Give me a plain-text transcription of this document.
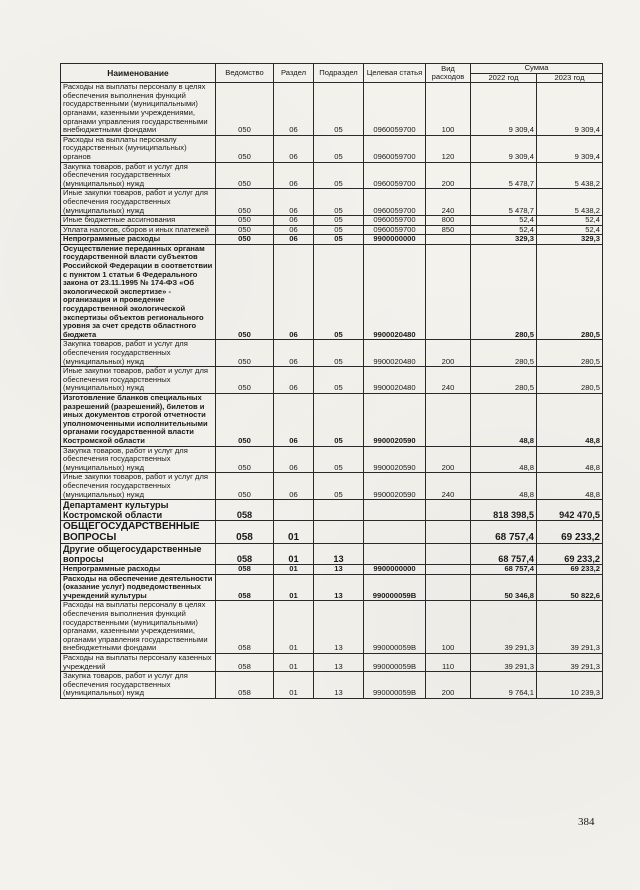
Наименование	Ведомство	Раздел	Подраздел	Целевая статья	Вид расходов	Сумма	
						2022 год	2023 год
Расходы на выплаты персоналу в целях обеспечения выполнения функций государственными (муниципальными) органами, казенными учреждениями, органами управления государственными внебюджетными фондами	050	06	05	0960059700	100	9 309,4	9 309,4
Расходы на выплаты персоналу государственных (муниципальных) органов	050	06	05	0960059700	120	9 309,4	9 309,4
Закупка товаров, работ и услуг для обеспечения государственных (муниципальных) нужд	050	06	05	0960059700	200	5 478,7	5 438,2
Иные закупки товаров, работ и услуг для обеспечения государственных (муниципальных) нужд	050	06	05	0960059700	240	5 478,7	5 438,2
Иные бюджетные ассигнования	050	06	05	0960059700	800	52,4	52,4
Уплата налогов, сборов и иных платежей	050	06	05	0960059700	850	52,4	52,4
Непрограммные расходы	050	06	05	9900000000		329,3	329,3
Осуществление переданных органам государственной власти субъектов Российской Федерации в соответствии с пунктом 1 статьи 6 Федерального закона от 23.11.1995 № 174-ФЗ «Об экологической экспертизе» - организация и проведение государственной экологической экспертизы объектов регионального уровня за счет средств областного бюджета	050	06	05	9900020480		280,5	280,5
Закупка товаров, работ и услуг для обеспечения государственных (муниципальных) нужд	050	06	05	9900020480	200	280,5	280,5
Иные закупки товаров, работ и услуг для обеспечения государственных (муниципальных) нужд	050	06	05	9900020480	240	280,5	280,5
Изготовление бланков специальных разрешений (разрешений), билетов и иных документов строгой отчетности уполномоченными исполнительными органами государственной власти Костромской области	050	06	05	9900020590		48,8	48,8
Закупка товаров, работ и услуг для обеспечения государственных (муниципальных) нужд	050	06	05	9900020590	200	48,8	48,8
Иные закупки товаров, работ и услуг для обеспечения государственных (муниципальных) нужд	050	06	05	9900020590	240	48,8	48,8
Департамент культуры Костромской области	058					818 398,5	942 470,5
ОБЩЕГОСУДАРСТВЕННЫЕ ВОПРОСЫ	058	01				68 757,4	69 233,2
Другие общегосударственные вопросы	058	01	13			68 757,4	69 233,2
Непрограммные расходы	058	01	13	9900000000		68 757,4	69 233,2
Расходы на обеспечение деятельности (оказание услуг) подведомственных учреждений культуры	058	01	13	990000059В		50 346,8	50 822,6
Расходы на выплаты персоналу в целях обеспечения выполнения функций государственными (муниципальными) органами, казенными учреждениями, органами управления государственными внебюджетными фондами	058	01	13	990000059В	100	39 291,3	39 291,3
Расходы на выплаты персоналу казенных учреждений	058	01	13	990000059В	110	39 291,3	39 291,3
Закупка товаров, работ и услуг для обеспечения государственных (муниципальных) нужд	058	01	13	990000059В	200	9 764,1	10 239,3
384
